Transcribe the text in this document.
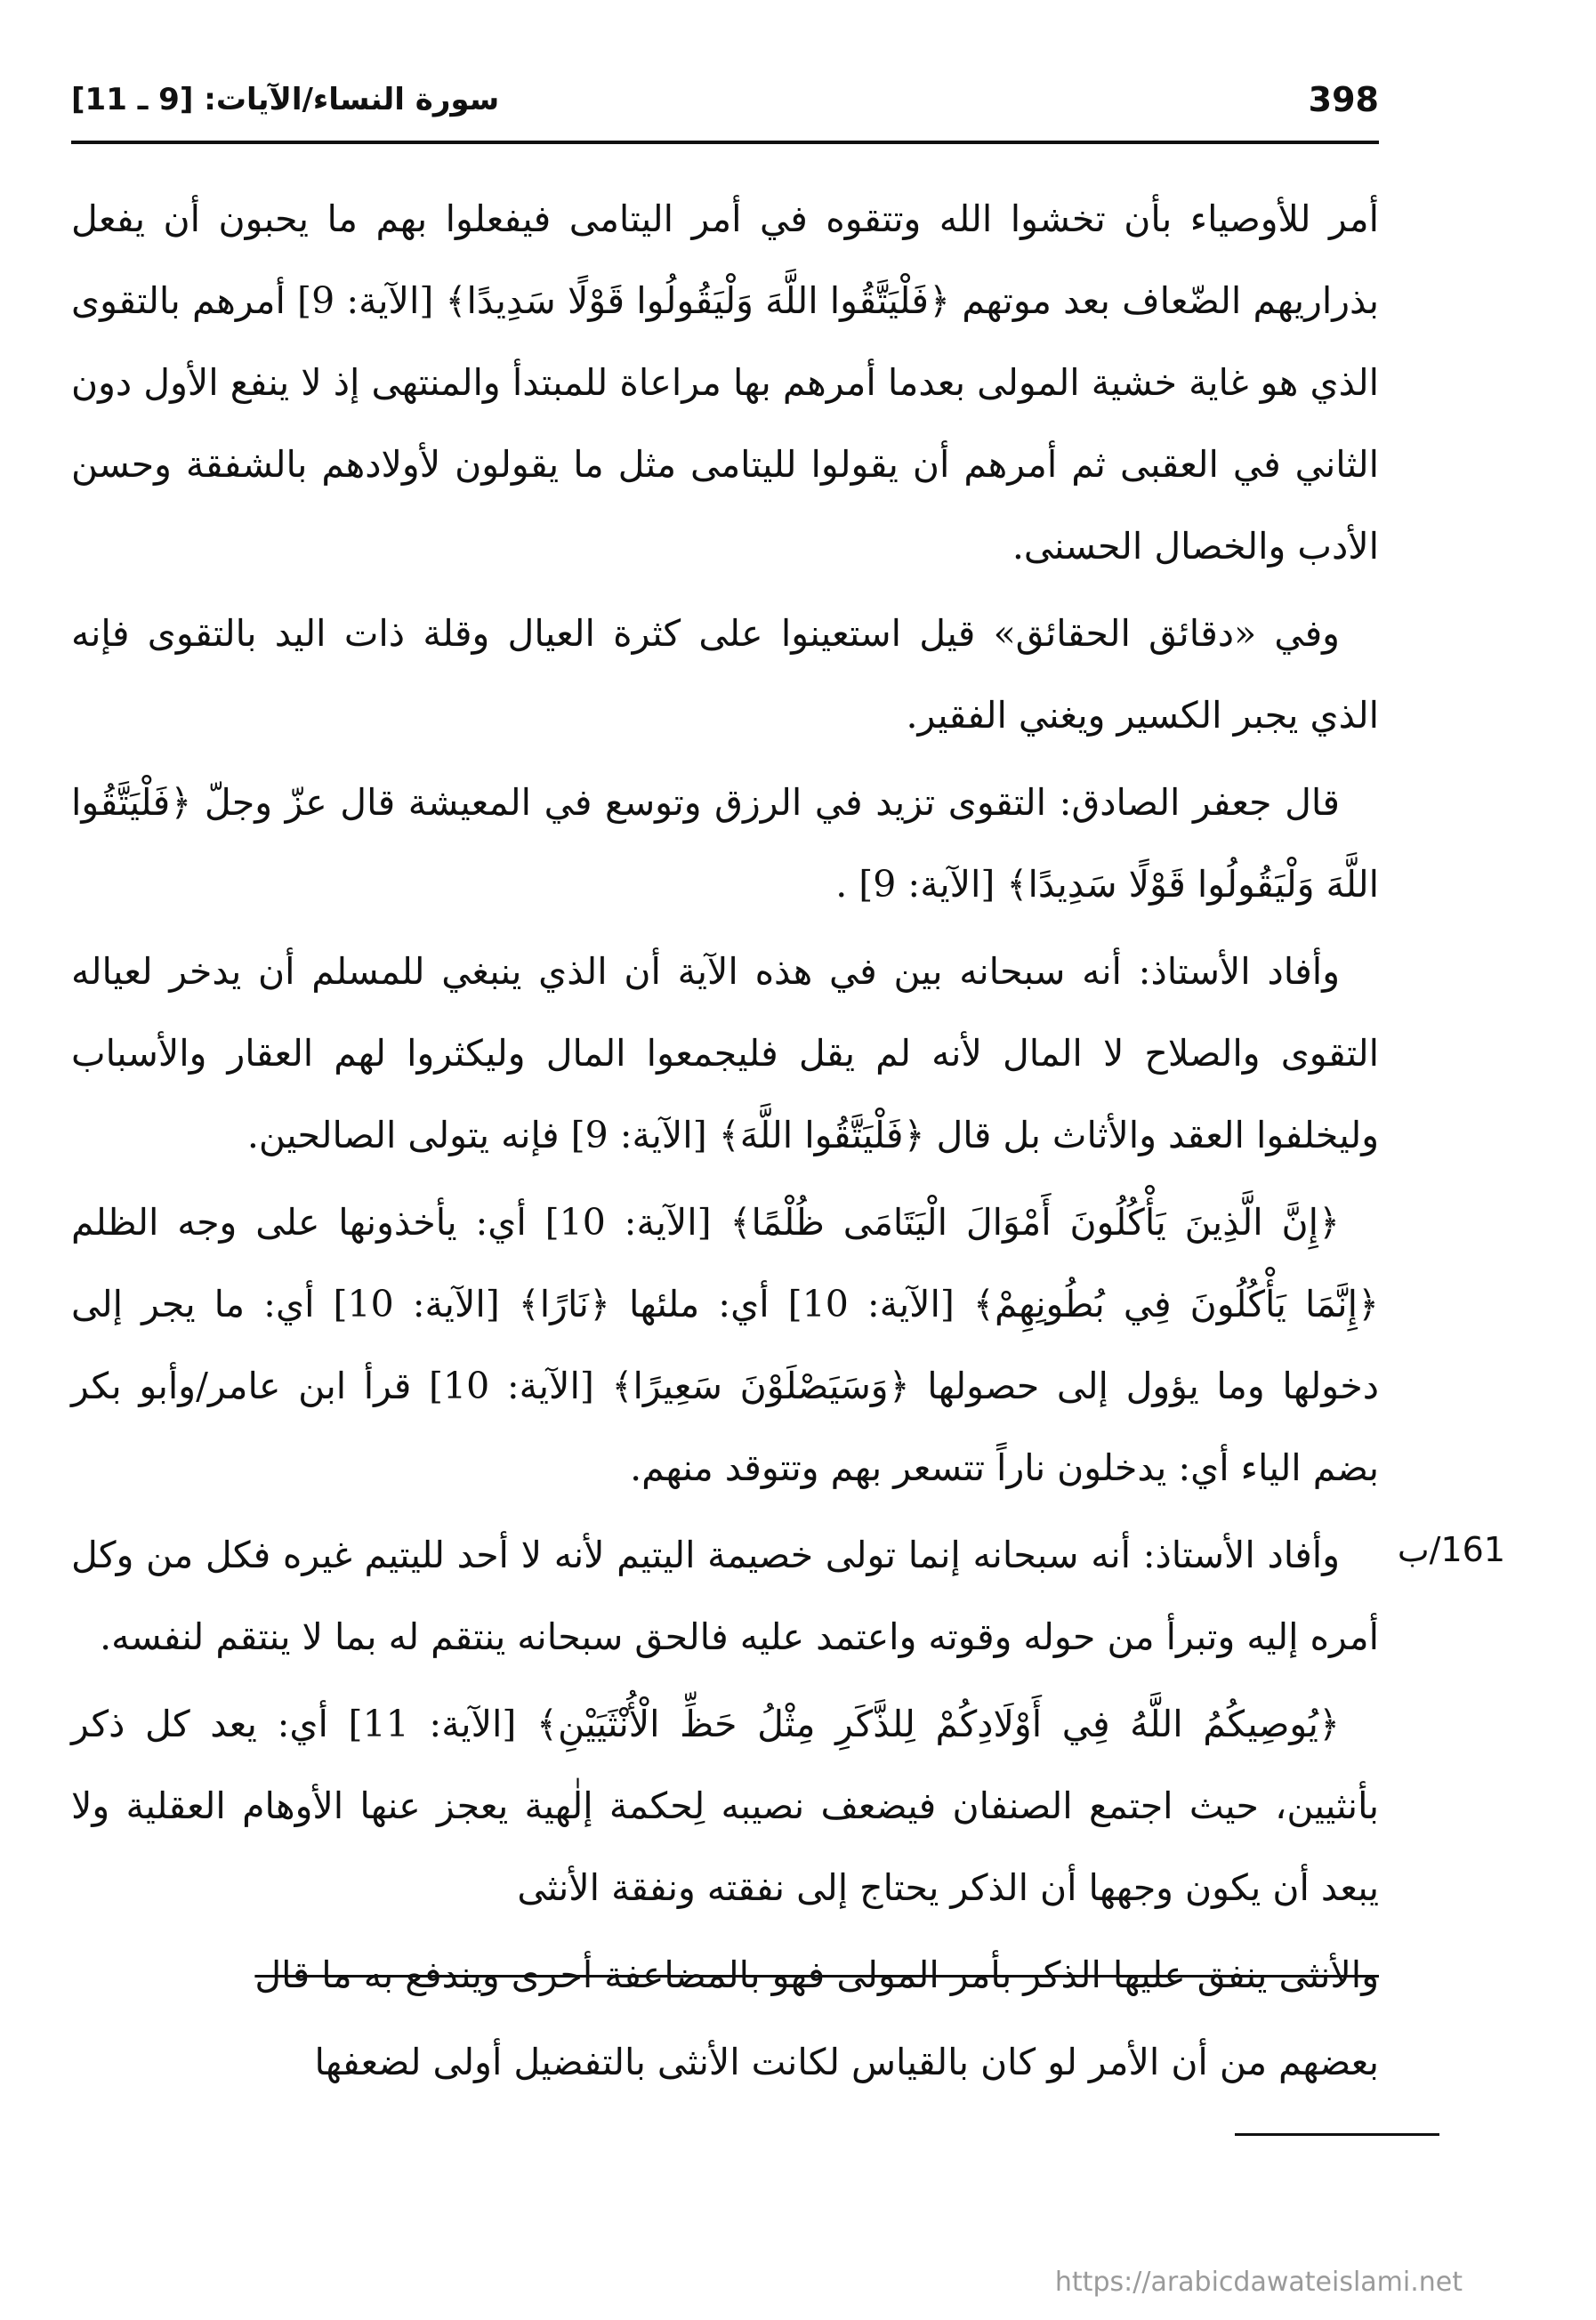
398
سورة النساء/الآيات: [9 ـ 11]

أمر للأوصياء بأن تخشوا الله وتتقوه في أمر اليتامى فيفعلوا بهم ما يحبون أن يفعل بذراريهم الضّعاف بعد موتهم ﴿فَلْيَتَّقُوا اللَّهَ وَلْيَقُولُوا قَوْلًا سَدِيدًا﴾ [الآية: 9] أمرهم بالتقوى الذي هو غاية خشية المولى بعدما أمرهم بها مراعاة للمبتدأ والمنتهى إذ لا ينفع الأول دون الثاني في العقبى ثم أمرهم أن يقولوا لليتامى مثل ما يقولون لأولادهم بالشفقة وحسن الأدب والخصال الحسنى.

وفي «دقائق الحقائق» قيل استعينوا على كثرة العيال وقلة ذات اليد بالتقوى فإنه الذي يجبر الكسير ويغني الفقير.

قال جعفر الصادق: التقوى تزيد في الرزق وتوسع في المعيشة قال عزّ وجلّ ﴿فَلْيَتَّقُوا اللَّهَ وَلْيَقُولُوا قَوْلًا سَدِيدًا﴾ [الآية: 9] .

وأفاد الأستاذ: أنه سبحانه بين في هذه الآية أن الذي ينبغي للمسلم أن يدخر لعياله التقوى والصلاح لا المال لأنه لم يقل فليجمعوا المال وليكثروا لهم العقار والأسباب وليخلفوا العقد والأثاث بل قال ﴿فَلْيَتَّقُوا اللَّهَ﴾ [الآية: 9] فإنه يتولى الصالحين.

﴿إِنَّ الَّذِينَ يَأْكُلُونَ أَمْوَالَ الْيَتَامَى ظُلْمًا﴾ [الآية: 10] أي: يأخذونها على وجه الظلم ﴿إِنَّمَا يَأْكُلُونَ فِي بُطُونِهِمْ﴾ [الآية: 10] أي: ملئها ﴿نَارًا﴾ [الآية: 10] أي: ما يجر إلى دخولها وما يؤول إلى حصولها ﴿وَسَيَصْلَوْنَ سَعِيرًا﴾ [الآية: 10] قرأ ابن عامر/وأبو بكر بضم الياء أي: يدخلون ناراً تتسعر بهم وتتوقد منهم.

وأفاد الأستاذ: أنه سبحانه إنما تولى خصيمة اليتيم لأنه لا أحد لليتيم غيره فكل من وكل أمره إليه وتبرأ من حوله وقوته واعتمد عليه فالحق سبحانه ينتقم له بما لا ينتقم لنفسه.

﴿يُوصِيكُمُ اللَّهُ فِي أَوْلَادِكُمْ لِلذَّكَرِ مِثْلُ حَظِّ الْأُنْثَيَيْنِ﴾ [الآية: 11] أي: يعد كل ذكر بأنثيين، حيث اجتمع الصنفان فيضعف نصيبه لِحكمة إلٰهية يعجز عنها الأوهام العقلية ولا يبعد أن يكون وجهها أن الذكر يحتاج إلى نفقته ونفقة الأنثى

والأنثى ينفق عليها الذكر بأمر المولى فهو بالمضاعفة أحرى ويندفع به ما قال

بعضهم من أن الأمر لو كان بالقياس لكانت الأنثى بالتفضيل أولى لضعفها

161/ب
https://arabicdawateislami.net
